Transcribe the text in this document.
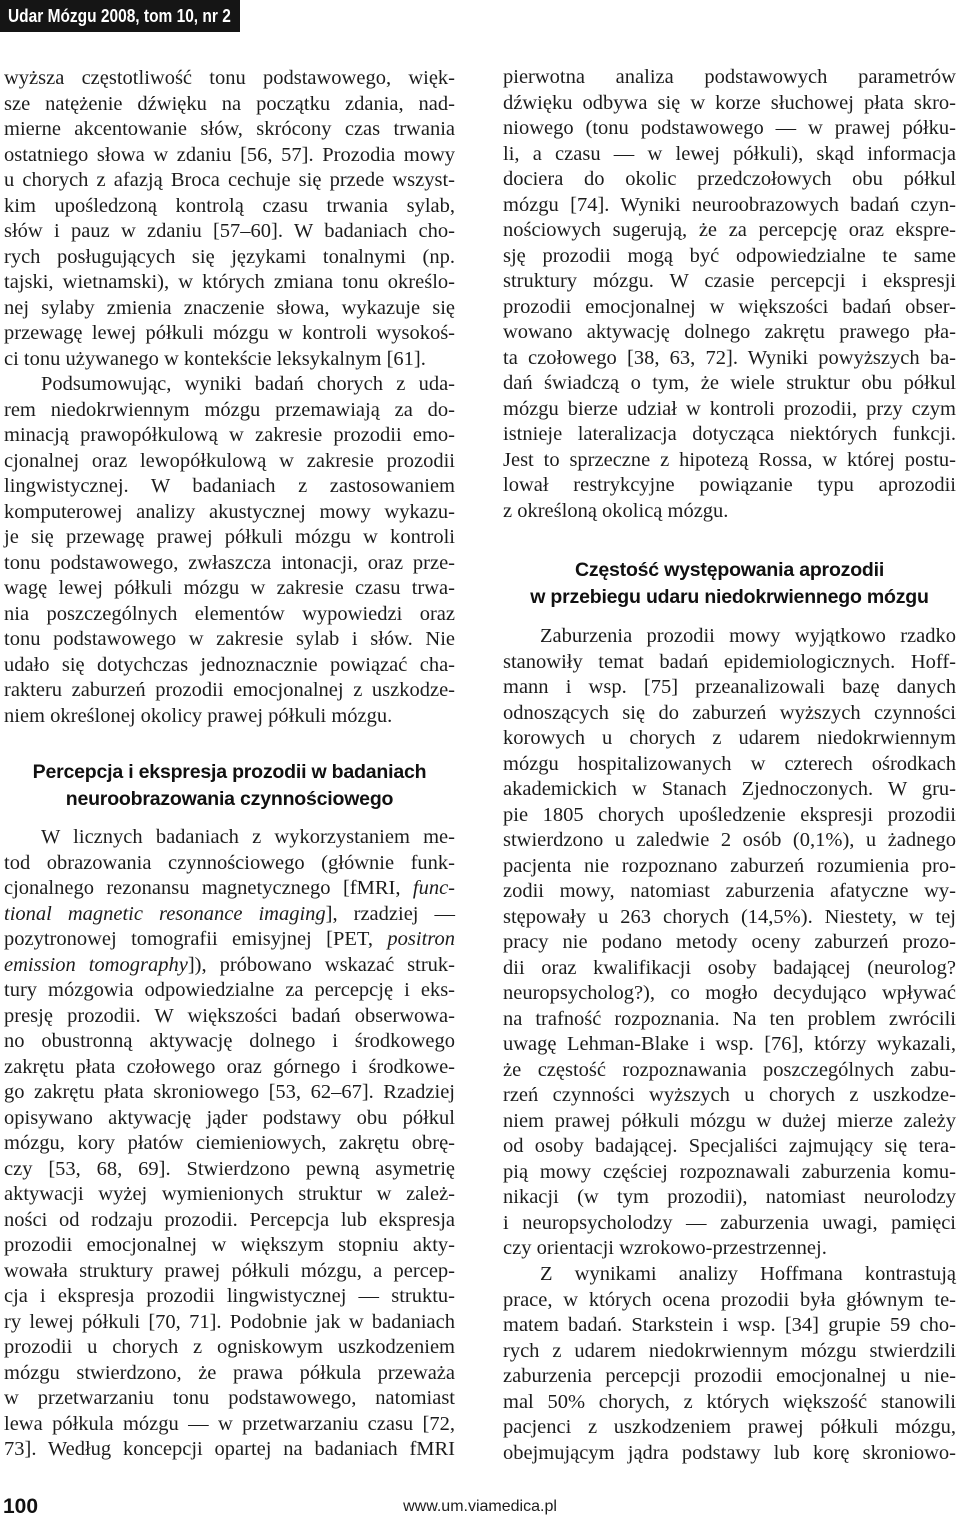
Udar Mózgu 2008, tom 10, nr 2
wyższa częstotliwość tonu podstawowego, więk-
sze natężenie dźwięku na początku zdania, nad-
mierne akcentowanie słów, skrócony czas trwania
ostatniego słowa w zdaniu [56, 57]. Prozodia mowy
u chorych z afazją Broca cechuje się przede wszyst-
kim upośledzoną kontrolą czasu trwania sylab,
słów i pauz w zdaniu [57–60]. W badaniach cho-
rych posługujących się językami tonalnymi (np.
tajski, wietnamski), w których zmiana tonu określo-
nej sylaby zmienia znaczenie słowa, wykazuje się
przewagę lewej półkuli mózgu w kontroli wysokoś-
ci tonu używanego w kontekście leksykalnym [61].
Podsumowując, wyniki badań chorych z uda-
rem niedokrwiennym mózgu przemawiają za do-
minacją prawopółkulową w zakresie prozodii emo-
cjonalnej oraz lewopółkulową w zakresie prozodii
lingwistycznej. W badaniach z zastosowaniem
komputerowej analizy akustycznej mowy wykazu-
je się przewagę prawej półkuli mózgu w kontroli
tonu podstawowego, zwłaszcza intonacji, oraz prze-
wagę lewej półkuli mózgu w zakresie czasu trwa-
nia poszczególnych elementów wypowiedzi oraz
tonu podstawowego w zakresie sylab i słów. Nie
udało się dotychczas jednoznacznie powiązać cha-
rakteru zaburzeń prozodii emocjonalnej z uszkodze-
niem określonej okolicy prawej półkuli mózgu.
Percepcja i ekspresja prozodii w badaniach
neuroobrazowania czynnościowego
W licznych badaniach z wykorzystaniem me-
tod obrazowania czynnościowego (głównie funk-
cjonalnego rezonansu magnetycznego [fMRI, func-
tional magnetic resonance imaging], rzadziej —
pozytronowej tomografii emisyjnej [PET, positron
emission tomography]), próbowano wskazać struk-
tury mózgowia odpowiedzialne za percepcję i eks-
presję prozodii. W większości badań obserwowa-
no obustronną aktywację dolnego i środkowego
zakrętu płata czołowego oraz górnego i środkowe-
go zakrętu płata skroniowego [53, 62–67]. Rzadziej
opisywano aktywację jąder podstawy obu półkul
mózgu, kory płatów ciemieniowych, zakrętu obrę-
czy [53, 68, 69]. Stwierdzono pewną asymetrię
aktywacji wyżej wymienionych struktur w zależ-
ności od rodzaju prozodii. Percepcja lub ekspresja
prozodii emocjonalnej w większym stopniu akty-
wowała struktury prawej półkuli mózgu, a percep-
cja i ekspresja prozodii lingwistycznej — struktu-
ry lewej półkuli [70, 71]. Podobnie jak w badaniach
prozodii u chorych z ogniskowym uszkodzeniem
mózgu stwierdzono, że prawa półkula przeważa
w przetwarzaniu tonu podstawowego, natomiast
lewa półkula mózgu — w przetwarzaniu czasu [72,
73]. Według koncepcji opartej na badaniach fMRI
pierwotna analiza podstawowych parametrów
dźwięku odbywa się w korze słuchowej płata skro-
niowego (tonu podstawowego — w prawej półku-
li, a czasu — w lewej półkuli), skąd informacja
dociera do okolic przedczołowych obu półkul
mózgu [74]. Wyniki neuroobrazowych badań czyn-
nościowych sugerują, że za percepcję oraz ekspre-
sję prozodii mogą być odpowiedzialne te same
struktury mózgu. W czasie percepcji i ekspresji
prozodii emocjonalnej w większości badań obser-
wowano aktywację dolnego zakrętu prawego pła-
ta czołowego [38, 63, 72]. Wyniki powyższych ba-
dań świadczą o tym, że wiele struktur obu półkul
mózgu bierze udział w kontroli prozodii, przy czym
istnieje lateralizacja dotycząca niektórych funkcji.
Jest to sprzeczne z hipotezą Rossa, w której postu-
lował restrykcyjne powiązanie typu aprozodii
z określoną okolicą mózgu.
Częstość występowania aprozodii
w przebiegu udaru niedokrwiennego mózgu
Zaburzenia prozodii mowy wyjątkowo rzadko
stanowiły temat badań epidemiologicznych. Hoff-
mann i wsp. [75] przeanalizowali bazę danych
odnoszących się do zaburzeń wyższych czynności
korowych u chorych z udarem niedokrwiennym
mózgu hospitalizowanych w czterech ośrodkach
akademickich w Stanach Zjednoczonych. W gru-
pie 1805 chorych upośledzenie ekspresji prozodii
stwierdzono u zaledwie 2 osób (0,1%), u żadnego
pacjenta nie rozpoznano zaburzeń rozumienia pro-
zodii mowy, natomiast zaburzenia afatyczne wy-
stępowały u 263 chorych (14,5%). Niestety, w tej
pracy nie podano metody oceny zaburzeń prozo-
dii oraz kwalifikacji osoby badającej (neurolog?
neuropsycholog?), co mogło decydująco wpływać
na trafność rozpoznania. Na ten problem zwrócili
uwagę Lehman-Blake i wsp. [76], którzy wykazali,
że częstość rozpoznawania poszczególnych zabu-
rzeń czynności wyższych u chorych z uszkodze-
niem prawej półkuli mózgu w dużej mierze zależy
od osoby badającej. Specjaliści zajmujący się tera-
pią mowy częściej rozpoznawali zaburzenia komu-
nikacji (w tym prozodii), natomiast neurolodzy
i neuropsycholodzy — zaburzenia uwagi, pamięci
czy orientacji wzrokowo-przestrzennej.
Z wynikami analizy Hoffmana kontrastują
prace, w których ocena prozodii była głównym te-
matem badań. Starkstein i wsp. [34] grupie 59 cho-
rych z udarem niedokrwiennym mózgu stwierdzili
zaburzenia percepcji prozodii emocjonalnej u nie-
mal 50% chorych, z których większość stanowili
pacjenci z uszkodzeniem prawej półkuli mózgu,
obejmującym jądra podstawy lub korę skroniowo-
100	www.um.viamedica.pl
